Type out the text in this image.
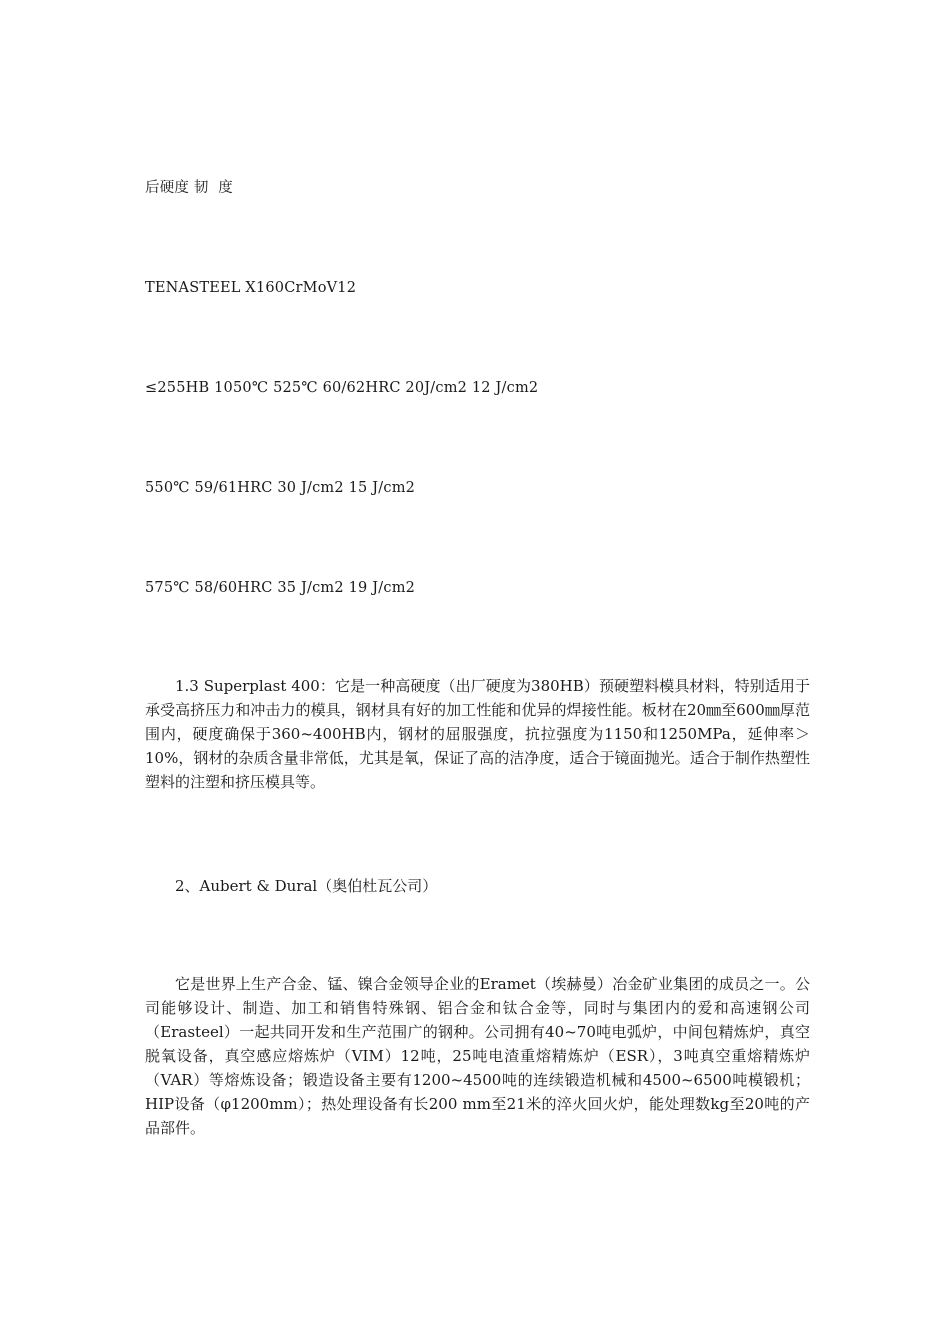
后硬度 韧  度
TENASTEEL X160CrMoV12
≤255HB 1050℃ 525℃ 60/62HRC 20J/cm2 12 J/cm2
550℃ 59/61HRC 30 J/cm2 15 J/cm2
575℃ 58/60HRC 35 J/cm2 19 J/cm2
1.3 Superplast 400：它是一种高硬度（出厂硬度为380HB）预硬塑料模具材料，特别适用于承受高挤压力和冲击力的模具，钢材具有好的加工性能和优异的焊接性能。板材在20㎜至600㎜厚范围内，硬度确保于360~400HB内，钢材的屈服强度，抗拉强度为1150和1250MPa，延伸率＞10%，钢材的杂质含量非常低，尤其是氧，保证了高的洁净度，适合于镜面抛光。适合于制作热塑性塑料的注塑和挤压模具等。
2、Aubert & Dural（奥伯杜瓦公司）
它是世界上生产合金、锰、镍合金领导企业的Eramet（埃赫曼）冶金矿业集团的成员之一。公司能够设计、制造、加工和销售特殊钢、铝合金和钛合金等，同时与集团内的爱和高速钢公司（Erasteel）一起共同开发和生产范围广的钢种。公司拥有40~70吨电弧炉，中间包精炼炉，真空脱氧设备，真空感应熔炼炉（VIM）12吨，25吨电渣重熔精炼炉（ESR），3吨真空重熔精炼炉（VAR）等熔炼设备；锻造设备主要有1200~4500吨的连续锻造机械和4500~6500吨模锻机；HIP设备（φ1200mm）；热处理设备有长200 mm至21米的淬火回火炉，能处理数kg至20吨的产品部件。
